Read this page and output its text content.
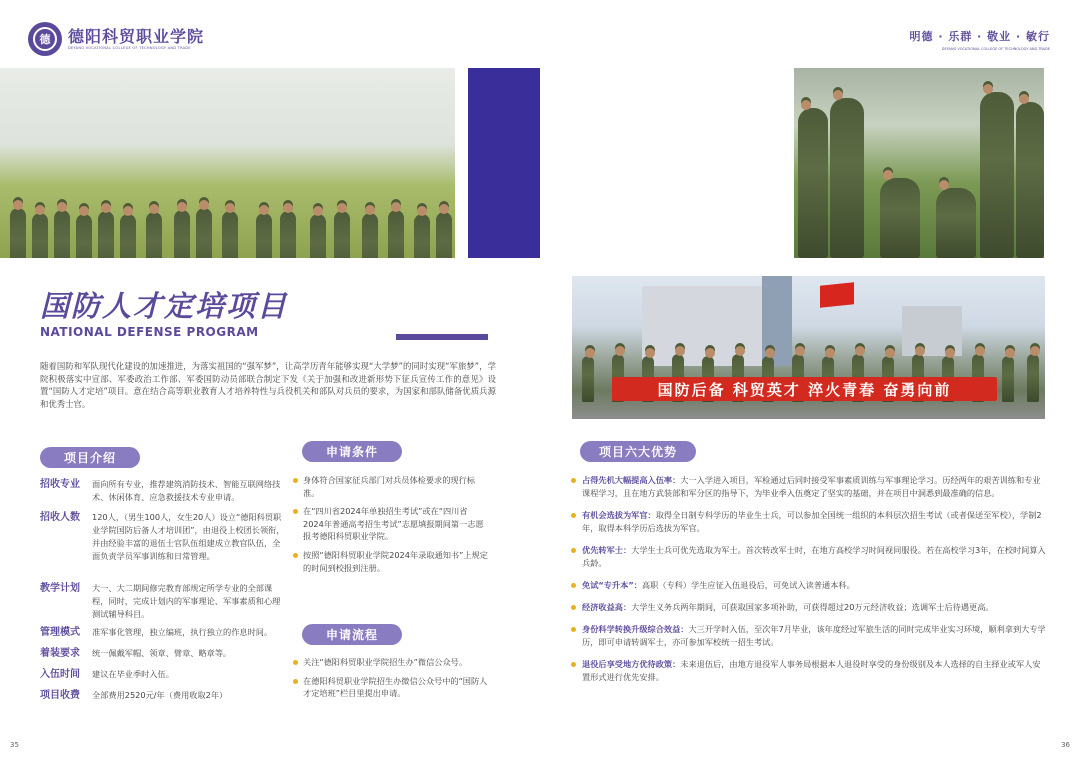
德	德阳科贸职业学院
DEYANG VOCATIONAL COLLEGE OF TECHNOLOGY AND TRADE
国防人才定培项目
NATIONAL DEFENSE PROGRAM

随着国防和军队现代化建设的加速推进，为落实祖国的“强军梦”，让高学历青年能够实现“大学梦”的同时实现“军旅梦”，学院积极落实中宣部、军委政治工作部、军委国防动员部联合制定下发《关于加强和改进新形势下征兵宣传工作的意见》设置“国防人才定培”项目。意在结合高等职业教育人才培养特性与兵役机关和部队对兵员的要求，为国家和部队储备优质兵源和优秀士官。

项目介绍
招收专业	面向所有专业，推荐建筑消防技术、智能互联网络技术、休闲体育、应急救援技术专业申请。
招收人数	120人，（男生100人，女生20人）设立“德阳科贸职业学院国防后备人才培训团”，由退役上校团长领衔，并由经验丰富的退伍士官队伍组建成立教官队伍，全面负责学员军事训练和日常管理。
教学计划	大一、大二期间修完教育部规定所学专业的全部课程，同时，完成计划内的军事理论、军事素质和心理测试辅导科目。
管理模式	准军事化管理，独立编班，执行独立的作息时间。
着装要求	统一佩戴军帽、领章、臂章、略章等。
入伍时间	建议在毕业季时入伍。
项目收费	全部费用2520元/年（费用收取2年）
申请条件
身体符合国家征兵部门对兵员体检要求的现行标准。
在“四川省2024年单独招生考试”或在“四川省2024年普通高考招生考试”志愿填报期间第一志愿报考德阳科贸职业学院。
按照“德阳科贸职业学院2024年录取通知书”上规定的时间到校报到注册。
申请流程
关注“德阳科贸职业学院招生办”微信公众号。
在德阳科贸职业学院招生办微信公众号中的“国防人才定培班”栏目里提出申请。
35
明德 · 乐群 · 敬业 · 敏行
DEYANG VOCATIONAL COLLEGE OF TECHNOLOGY AND TRADE
国防后备 科贸英才 淬火青春 奋勇向前
项目六大优势
占得先机大幅提高入伍率：大一入学进入项目，军检通过后同时接受军事素质训练与军事理论学习。历经两年的艰苦训练和专业课程学习，且在地方武装部和军分区的指导下，为毕业季入伍奠定了坚实的基础，并在项目中洞悉到最准确的信息。
有机会选拔为军官：取得全日制专科学历的毕业生士兵，可以参加全国统一组织的本科层次招生考试（或者保送至军校），学制2年，取得本科学历后选拔为军官。
优先转军士：大学生士兵可优先选取为军士。首次转改军士时，在地方高校学习时间视同服役。若在高校学习3年，在校时间算入兵龄。
免试“专升本”：高职（专科）学生应征入伍退役后，可免试入读普通本科。
经济收益高：大学生义务兵两年期间，可获取国家多项补助，可获得超过20万元经济收益；选调军士后待遇更高。
身份科学转换升级综合效益：大三开学时入伍，至次年7月毕业，该年度经过军旅生活的同时完成毕业实习环境，顺利拿到大专学历，即可申请转调军士，亦可参加军校统一招生考试。
退役后享受地方优待政策：未来退伍后，由地方退役军人事务局根据本人退役时享受的身份级别及本人选择的自主择业或军人安置形式进行优先安排。
36
